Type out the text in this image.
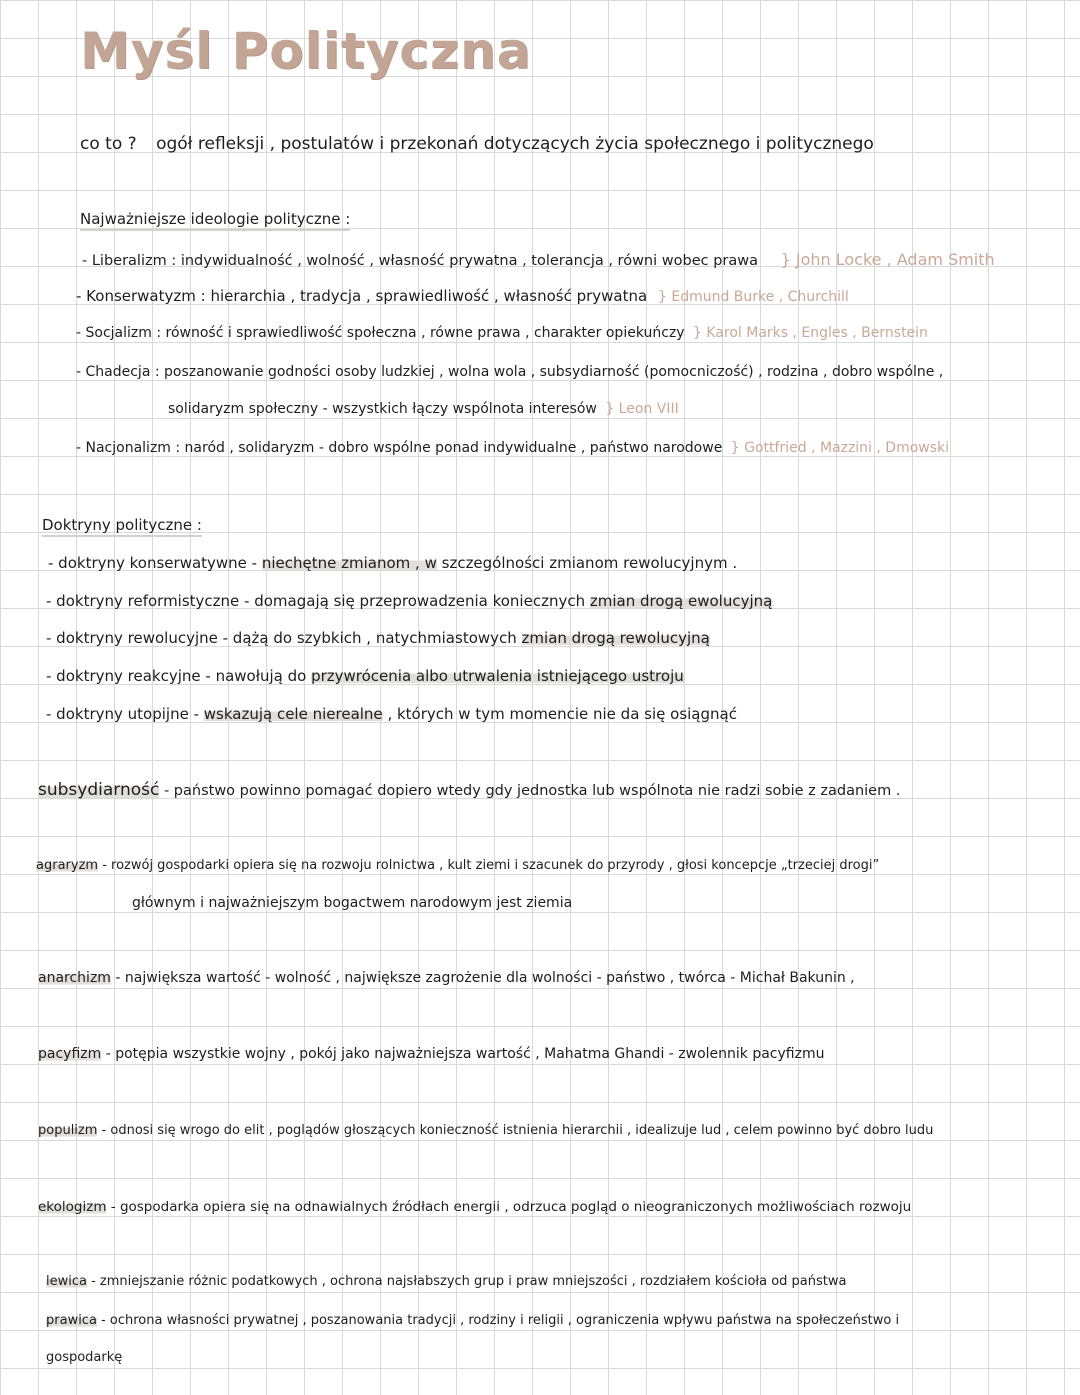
Myśl Polityczna
co to ? ogół refleksji , postulatów i przekonań dotyczących życia społecznego i politycznego
Najważniejsze ideologie polityczne :
- Liberalizm : indywidualność , wolność , własność prywatna , tolerancja , równi wobec prawa } John Locke , Adam Smith
- Konserwatyzm : hierarchia , tradycja , sprawiedliwość , własność prywatna } Edmund Burke , Churchill
- Socjalizm : równość i sprawiedliwość społeczna , równe prawa , charakter opiekuńczy } Karol Marks , Engles , Bernstein
- Chadecja : poszanowanie godności osoby ludzkiej , wolna wola , subsydiarność (pomocniczość) , rodzina , dobro wspólne ,
solidaryzm społeczny - wszystkich łączy wspólnota interesów } Leon VIII
- Nacjonalizm : naród , solidaryzm - dobro wspólne ponad indywidualne , państwo narodowe } Gottfried , Mazzini , Dmowski
Doktryny polityczne :
- doktryny konserwatywne - niechętne zmianom , w szczególności zmianom rewolucyjnym .
- doktryny reformistyczne - domagają się przeprowadzenia koniecznych zmian drogą ewolucyjną
- doktryny rewolucyjne - dążą do szybkich , natychmiastowych zmian drogą rewolucyjną
- doktryny reakcyjne - nawołują do przywrócenia albo utrwalenia istniejącego ustroju
- doktryny utopijne - wskazują cele nierealne , których w tym momencie nie da się osiągnąć
subsydiarność - państwo powinno pomagać dopiero wtedy gdy jednostka lub wspólnota nie radzi sobie z zadaniem .
agraryzm - rozwój gospodarki opiera się na rozwoju rolnictwa , kult ziemi i szacunek do przyrody , głosi koncepcje „trzeciej drogi”
głównym i najważniejszym bogactwem narodowym jest ziemia
anarchizm - największa wartość - wolność , największe zagrożenie dla wolności - państwo , twórca - Michał Bakunin ,
pacyfizm - potępia wszystkie wojny , pokój jako najważniejsza wartość , Mahatma Ghandi - zwolennik pacyfizmu
populizm - odnosi się wrogo do elit , poglądów głoszących konieczność istnienia hierarchii , idealizuje lud , celem powinno być dobro ludu
ekologizm - gospodarka opiera się na odnawialnych źródłach energii , odrzuca pogląd o nieograniczonych możliwościach rozwoju
lewica - zmniejszanie różnic podatkowych , ochrona najsłabszych grup i praw mniejszości , rozdziałem kościoła od państwa
prawica - ochrona własności prywatnej , poszanowania tradycji , rodziny i religii , ograniczenia wpływu państwa na społeczeństwo i
gospodarkę
